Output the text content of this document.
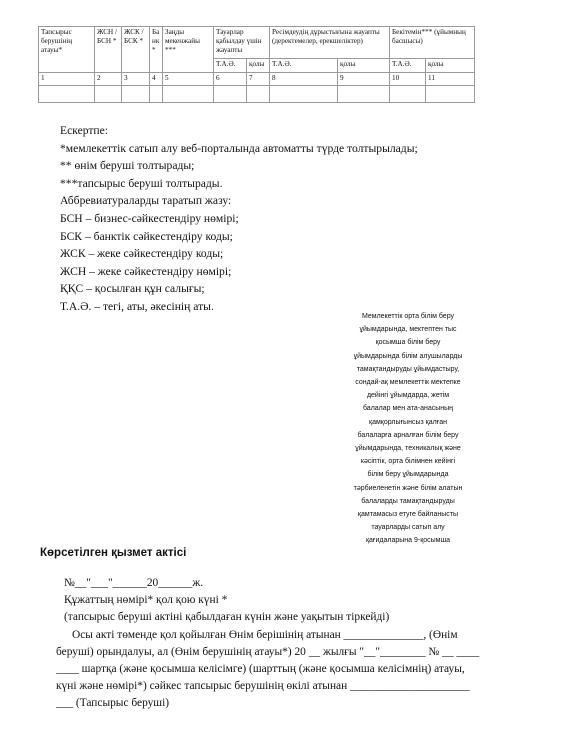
Тапсырыс берушінің атауы*	ЖСН / БСН *	ЖСК / БСК *	Банк *	Заңды мекенжайы ***	Тауарлар қабылдау үшін жауапты		Ресімдеудің дұрыстығына жауапты (деректемелер, ерекшеліктер)		Бекітемін*** (ұйымның басшысы)	
					Т.А.Ә.	қолы	Т.А.Ә.	қолы	Т.А.Ә.	қолы
1	2	3	4	5	6	7	8	9	10	11

Ескертпе:
*мемлекеттік сатып алу веб-порталында автоматты түрде толтырылады;
** өнім беруші толтырады;
***тапсырыс беруші толтырады.
Аббревиатураларды таратып жазу:
БСН – бизнес-сәйкестендіру нөмірі;
БСК – банктік сәйкестендіру коды;
ЖСК – жеке сәйкестендіру коды;
ЖСН – жеке сәйкестендіру нөмірі;
ҚҚС – қосылған құн салығы;
Т.А.Ә. – тегі, аты, әкесінің аты.
Мемлекеттік орта білім беру
ұйымдарында, мектептен тыс
қосымша білім беру
ұйымдарында білім алушыларды
тамақтандыруды ұйымдастыру,
сондай-ақ мемлекеттік мектепке
дейінгі ұйымдарда, жетім
балалар мен ата-анасының
қамқорлығынсыз қалған
балаларға арналған білім беру
ұйымдарында, техникалық және
кәсіптік, орта білімнен кейінгі
білім беру ұйымдарында
тәрбиеленетін және білім алатын
балаларды тамақтандыруды
қамтамасыз етуге байланысты
тауарларды сатып алу
қағидаларына 9-қосымша
Көрсетілген қызмет актісі
№__"___"______20______ж.
Құжаттың нөмірі* қол қою күні *
(тапсырыс беруші актіні қабылдаған күнін және уақытын тіркейді)
Осы акті төменде қол қойылған Өнім берішінің атынан ______________, (Өнім
беруші) орындалуы, ал (Өнім берушінің атауы*) 20 __ жылғы "__"________ № __ ____
____ шартқа (және қосымша келісімге) (шарттың (және қосымша келісімнің) атауы,
күні және нөмірі*) сәйкес тапсырыс берушінің өкілі атынан _____________________
___ (Тапсырыс беруші)
